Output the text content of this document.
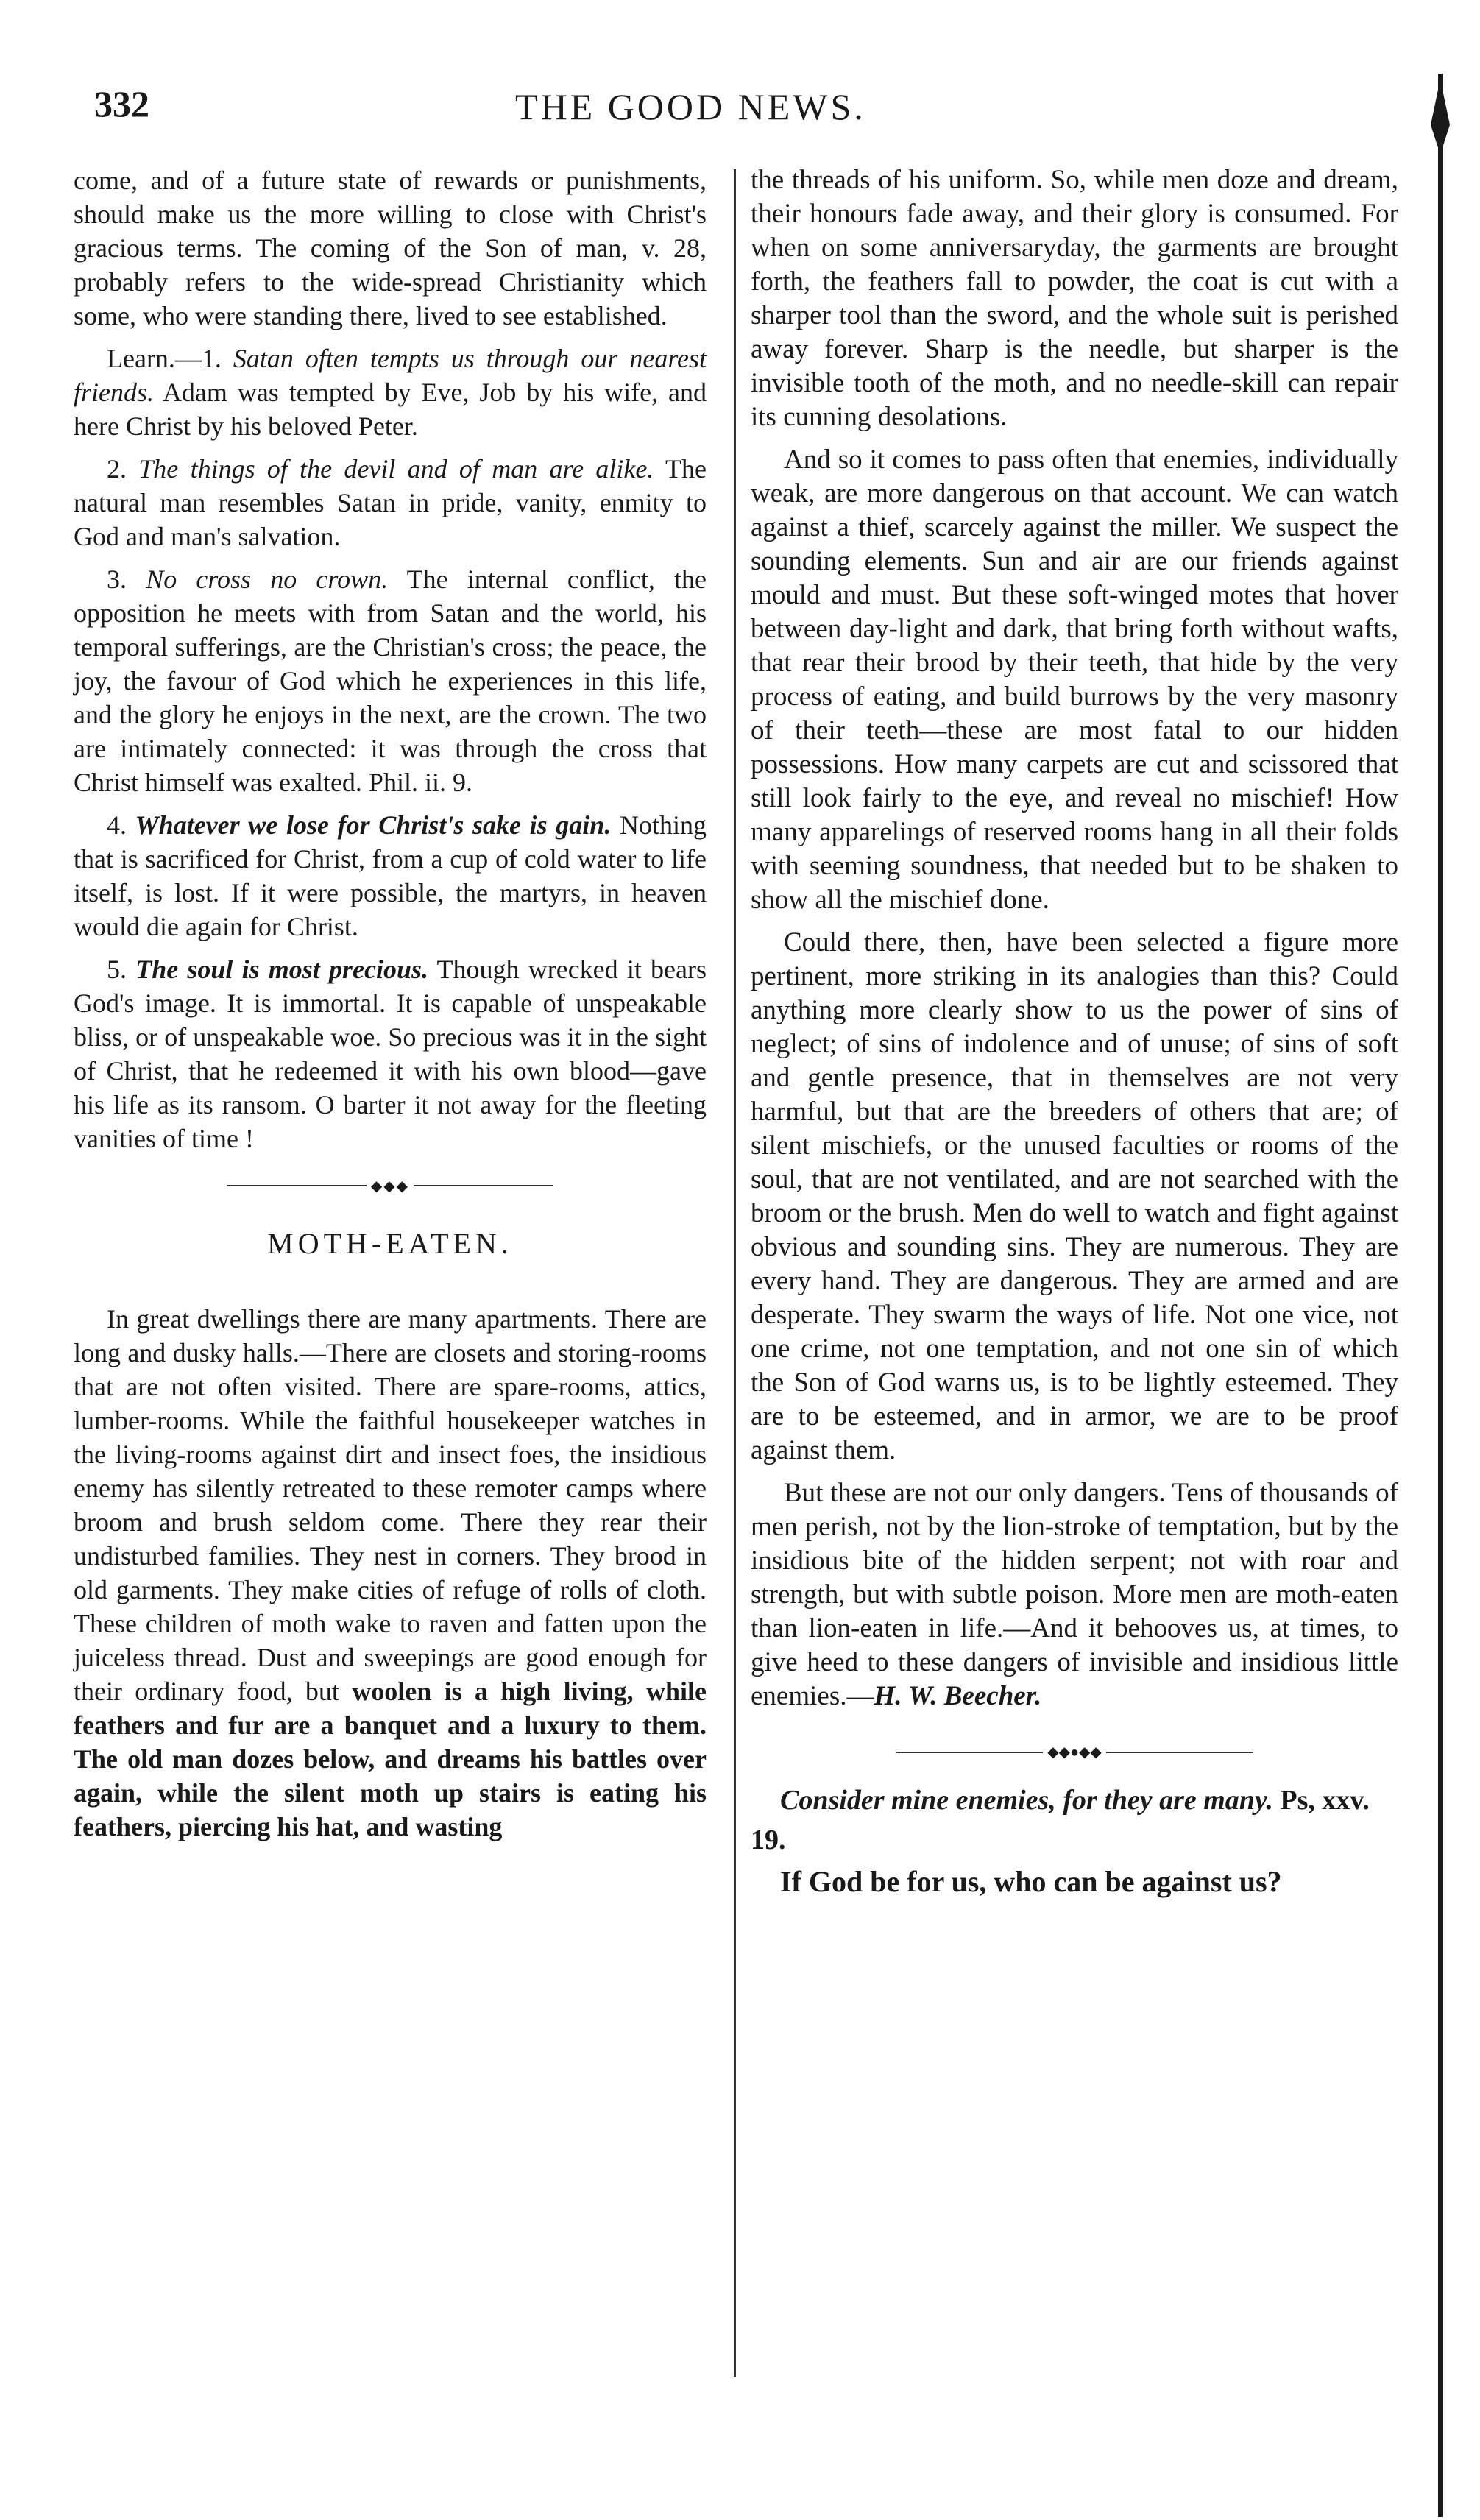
332	THE GOOD NEWS.

come, and of a future state of rewards or punishments, should make us the more willing to close with Christ's gracious terms. The coming of the Son of man, v. 28, probably refers to the wide-spread Christianity which some, who were standing there, lived to see established.

Learn.—1. Satan often tempts us through our nearest friends. Adam was tempted by Eve, Job by his wife, and here Christ by his beloved Peter.

2. The things of the devil and of man are alike. The natural man resembles Satan in pride, vanity, enmity to God and man's salvation.

3. No cross no crown. The internal conflict, the opposition he meets with from Satan and the world, his temporal sufferings, are the Christian's cross; the peace, the joy, the favour of God which he experiences in this life, and the glory he enjoys in the next, are the crown. The two are intimately connected: it was through the cross that Christ himself was exalted. Phil. ii. 9.

4. Whatever we lose for Christ's sake is gain. Nothing that is sacrificed for Christ, from a cup of cold water to life itself, is lost. If it were possible, the martyrs, in heaven would die again for Christ.

5. The soul is most precious. Though wrecked it bears God's image. It is immortal. It is capable of unspeakable bliss, or of unspeakable woe. So precious was it in the sight of Christ, that he redeemed it with his own blood—gave his life as its ransom. O barter it not away for the fleeting vanities of time !

◆◆◆
MOTH-EATEN.

In great dwellings there are many apartments. There are long and dusky halls.—There are closets and storing-rooms that are not often visited. There are spare-rooms, attics, lumber-rooms. While the faithful housekeeper watches in the living-rooms against dirt and insect foes, the insidious enemy has silently retreated to these remoter camps where broom and brush seldom come. There they rear their undisturbed families. They nest in corners. They brood in old garments. They make cities of refuge of rolls of cloth. These children of moth wake to raven and fatten upon the juiceless thread. Dust and sweepings are good enough for their ordinary food, but woolen is a high living, while feathers and fur are a banquet and a luxury to them. The old man dozes below, and dreams his battles over again, while the silent moth up stairs is eating his feathers, piercing his hat, and wasting

the threads of his uniform. So, while men doze and dream, their honours fade away, and their glory is consumed. For when on some anniversaryday, the garments are brought forth, the feathers fall to powder, the coat is cut with a sharper tool than the sword, and the whole suit is perished away forever. Sharp is the needle, but sharper is the invisible tooth of the moth, and no needle-skill can repair its cunning desolations.

And so it comes to pass often that enemies, individually weak, are more dangerous on that account. We can watch against a thief, scarcely against the miller. We suspect the sounding elements. Sun and air are our friends against mould and must. But these soft-winged motes that hover between day-light and dark, that bring forth without wafts, that rear their brood by their teeth, that hide by the very process of eating, and build burrows by the very masonry of their teeth—these are most fatal to our hidden possessions. How many carpets are cut and scissored that still look fairly to the eye, and reveal no mischief! How many apparelings of reserved rooms hang in all their folds with seeming soundness, that needed but to be shaken to show all the mischief done.

Could there, then, have been selected a figure more pertinent, more striking in its analogies than this? Could anything more clearly show to us the power of sins of neglect; of sins of indolence and of unuse; of sins of soft and gentle presence, that in themselves are not very harmful, but that are the breeders of others that are; of silent mischiefs, or the unused faculties or rooms of the soul, that are not ventilated, and are not searched with the broom or the brush. Men do well to watch and fight against obvious and sounding sins. They are numerous. They are every hand. They are dangerous. They are armed and are desperate. They swarm the ways of life. Not one vice, not one crime, not one temptation, and not one sin of which the Son of God warns us, is to be lightly esteemed. They are to be esteemed, and in armor, we are to be proof against them.

But these are not our only dangers. Tens of thousands of men perish, not by the lion-stroke of temptation, but by the insidious bite of the hidden serpent; not with roar and strength, but with subtle poison. More men are moth-eaten than lion-eaten in life.—And it behooves us, at times, to give heed to these dangers of invisible and insidious little enemies.—H. W. Beecher.

◆◆●◆◆

Consider mine enemies, for they are many. Ps, xxv. 19.

If God be for us, who can be against us?
